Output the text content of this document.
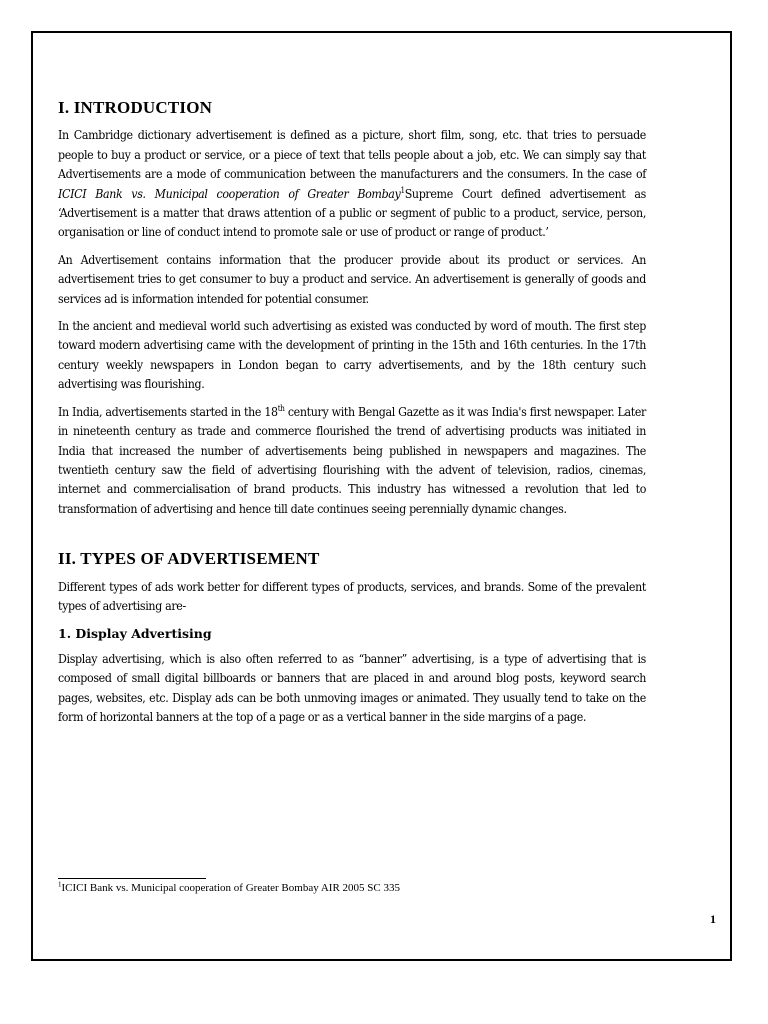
I. INTRODUCTION

In Cambridge dictionary advertisement is defined as a picture, short film, song, etc. that tries to persuade people to buy a product or service, or a piece of text that tells people about a job, etc. We can simply say that Advertisements are a mode of communication between the manufacturers and the consumers. In the case of ICICI Bank vs. Municipal cooperation of Greater Bombay$^1$Supreme Court defined advertisement as ‘Advertisement is a matter that draws attention of a public or segment of public to a product, service, person, organisation or line of conduct intend to promote sale or use of product or range of product.’

An Advertisement contains information that the producer provide about its product or services. An advertisement tries to get consumer to buy a product and service. An advertisement is generally of goods and services ad is information intended for potential consumer.

In the ancient and medieval world such advertising as existed was conducted by word of mouth. The first step toward modern advertising came with the development of printing in the 15th and 16th centuries. In the 17th century weekly newspapers in London began to carry advertisements, and by the 18th century such advertising was flourishing.

In India, advertisements started in the 18th century with Bengal Gazette as it was India's first newspaper. Later in nineteenth century as trade and commerce flourished the trend of advertising products was initiated in India that increased the number of advertisements being published in newspapers and magazines. The twentieth century saw the field of advertising flourishing with the advent of television, radios, cinemas, internet and commercialisation of brand products. This industry has witnessed a revolution that led to transformation of advertising and hence till date continues seeing perennially dynamic changes.

II. TYPES OF ADVERTISEMENT

Different types of ads work better for different types of products, services, and brands. Some of the prevalent types of advertising are-

1. Display Advertising

Display advertising, which is also often referred to as “banner” advertising, is a type of advertising that is composed of small digital billboards or banners that are placed in and around blog posts, keyword search pages, websites, etc. Display ads can be both unmoving images or animated. They usually tend to take on the form of horizontal banners at the top of a page or as a vertical banner in the side margins of a page.

$^1$ICICI Bank vs. Municipal cooperation of Greater Bombay AIR 2005 SC 335
1
